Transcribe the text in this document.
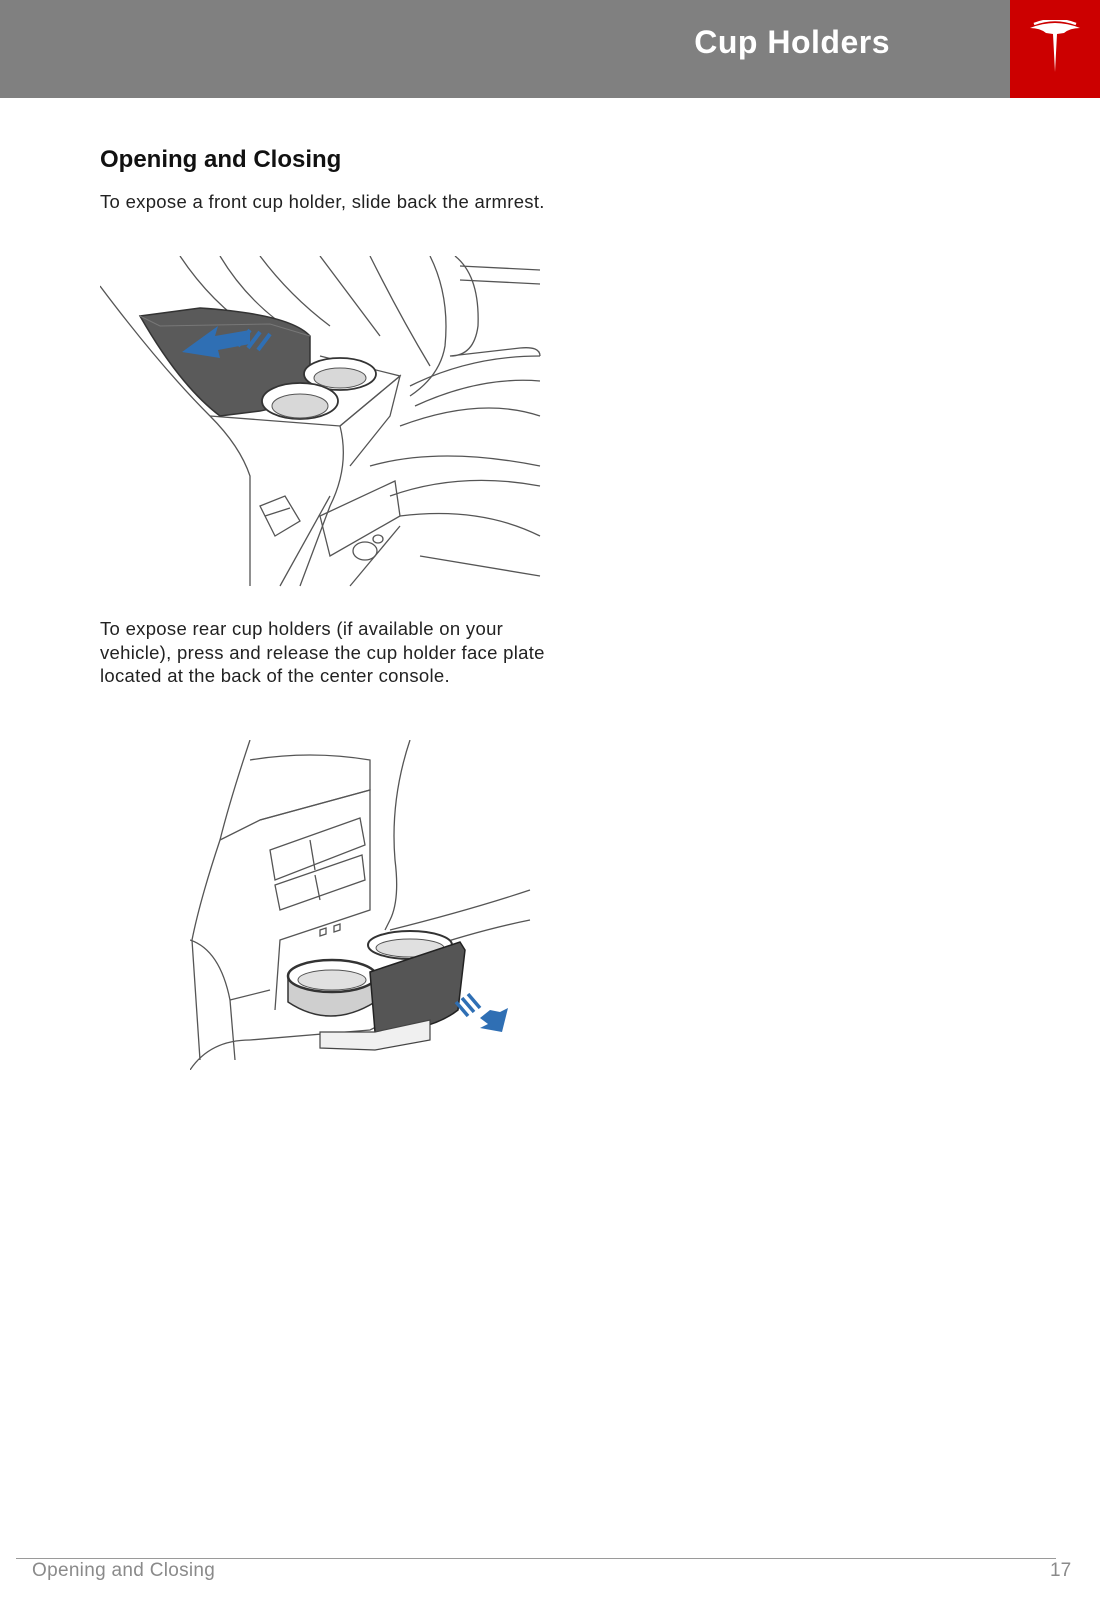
Cup Holders
Opening and Closing
To expose a front cup holder, slide back the armrest.
To expose rear cup holders (if available on your vehicle), press and release the cup holder face plate located at the back of the center console.
Opening and Closing	17
